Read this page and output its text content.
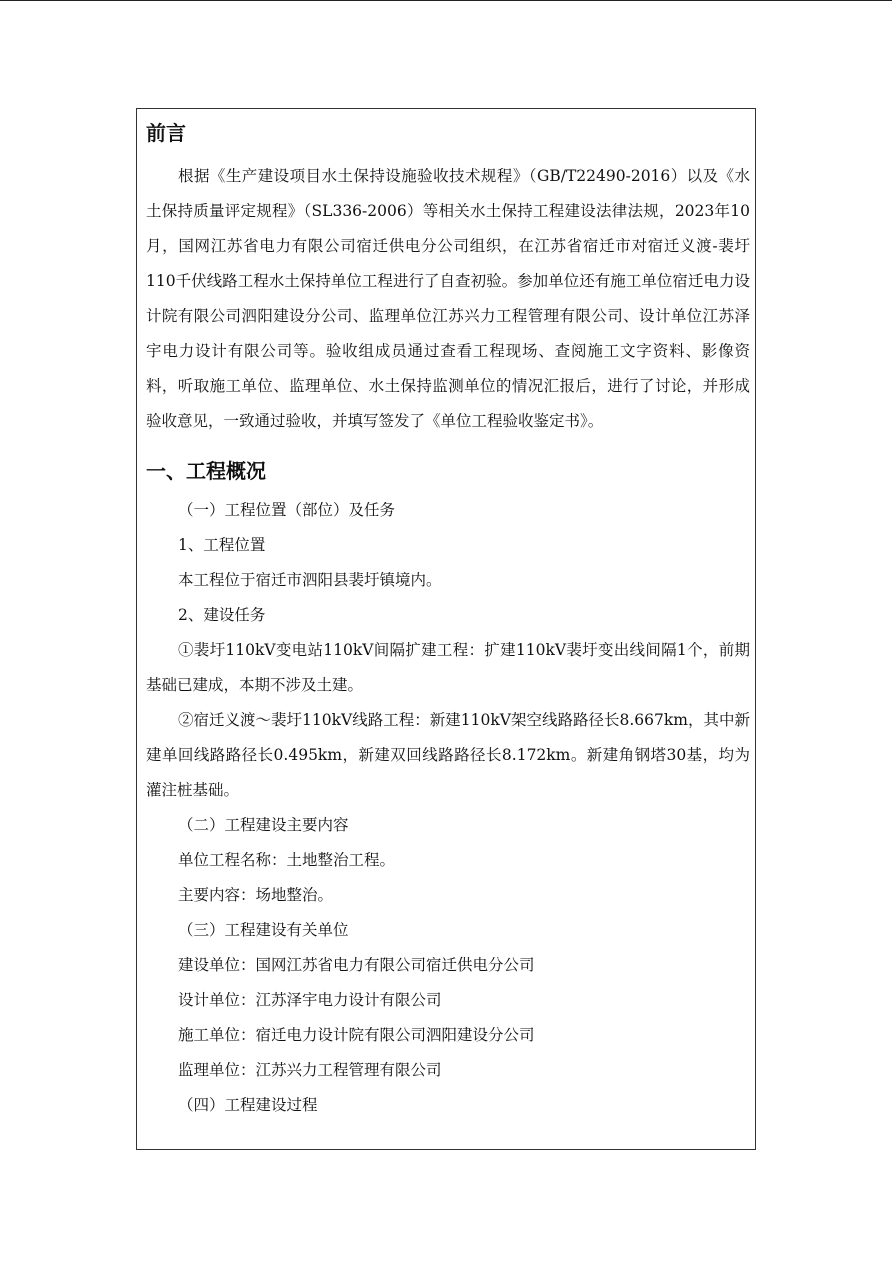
前言

根据《生产建设项目水土保持设施验收技术规程》（GB/T22490-2016）以及《水土保持质量评定规程》（SL336-2006）等相关水土保持工程建设法律法规，2023年10月，国网江苏省电力有限公司宿迁供电分公司组织，在江苏省宿迁市对宿迁义渡-裴圩110千伏线路工程水土保持单位工程进行了自查初验。参加单位还有施工单位宿迁电力设计院有限公司泗阳建设分公司、监理单位江苏兴力工程管理有限公司、设计单位江苏泽宇电力设计有限公司等。验收组成员通过查看工程现场、查阅施工文字资料、影像资料，听取施工单位、监理单位、水土保持监测单位的情况汇报后，进行了讨论，并形成验收意见，一致通过验收，并填写签发了《单位工程验收鉴定书》。

一、工程概况
（一）工程位置（部位）及任务
1、工程位置
本工程位于宿迁市泗阳县裴圩镇境内。
2、建设任务

①裴圩110kV变电站110kV间隔扩建工程：扩建110kV裴圩变出线间隔1个，前期基础已建成，本期不涉及土建。

②宿迁义渡～裴圩110kV线路工程：新建110kV架空线路路径长8.667km，其中新建单回线路路径长0.495km，新建双回线路路径长8.172km。新建角钢塔30基，均为灌注桩基础。

（二）工程建设主要内容
单位工程名称：土地整治工程。
主要内容：场地整治。
（三）工程建设有关单位
建设单位：国网江苏省电力有限公司宿迁供电分公司
设计单位：江苏泽宇电力设计有限公司
施工单位：宿迁电力设计院有限公司泗阳建设分公司
监理单位：江苏兴力工程管理有限公司
（四）工程建设过程
